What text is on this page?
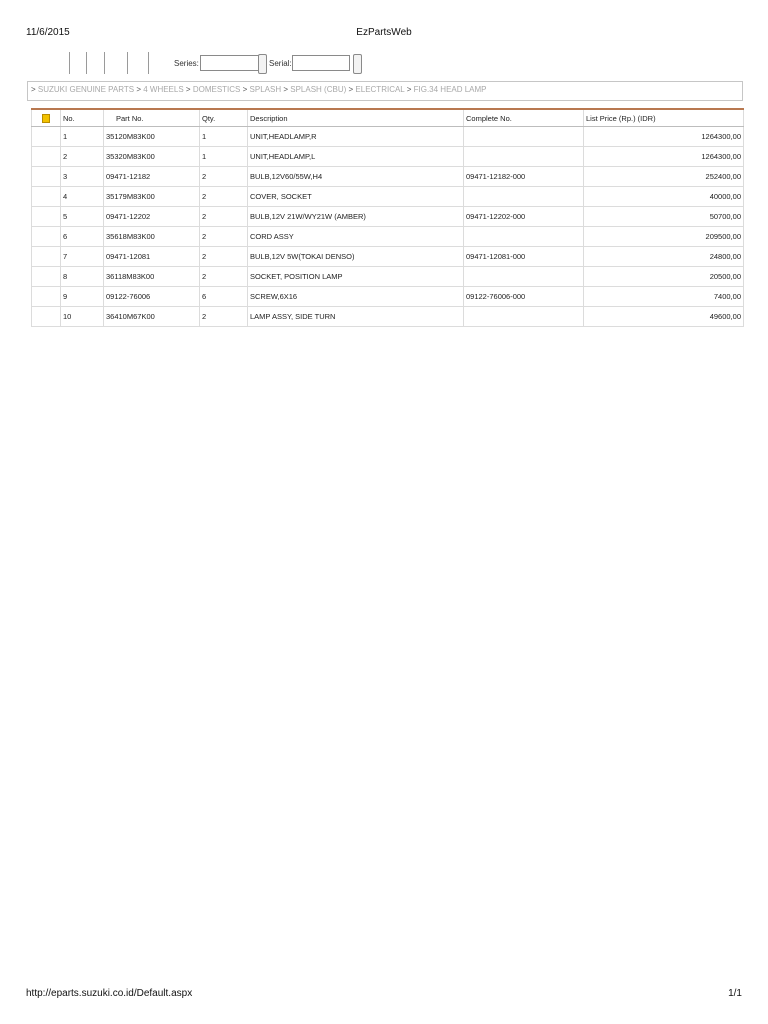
11/6/2015	EzPartsWeb
Series:	Serial:
> SUZUKI GENUINE PARTS > 4 WHEELS > DOMESTICS > SPLASH > SPLASH (CBU) > ELECTRICAL > FIG.34 HEAD LAMP
	No.	Part No.	Qty.	Description	Complete No.	List Price (Rp.) (IDR)
	1	35120M83K00	1	UNIT,HEADLAMP,R		1264300,00
	2	35320M83K00	1	UNIT,HEADLAMP,L		1264300,00
	3	09471-12182	2	BULB,12V60/55W,H4	09471-12182-000	252400,00
	4	35179M83K00	2	COVER, SOCKET		40000,00
	5	09471-12202	2	BULB,12V 21W/WY21W (AMBER)	09471-12202-000	50700,00
	6	35618M83K00	2	CORD ASSY		209500,00
	7	09471-12081	2	BULB,12V 5W(TOKAI DENSO)	09471-12081-000	24800,00
	8	36118M83K00	2	SOCKET, POSITION LAMP		20500,00
	9	09122-76006	6	SCREW,6X16	09122-76006-000	7400,00
	10	36410M67K00	2	LAMP ASSY, SIDE TURN		49600,00
http://eparts.suzuki.co.id/Default.aspx	1/1
